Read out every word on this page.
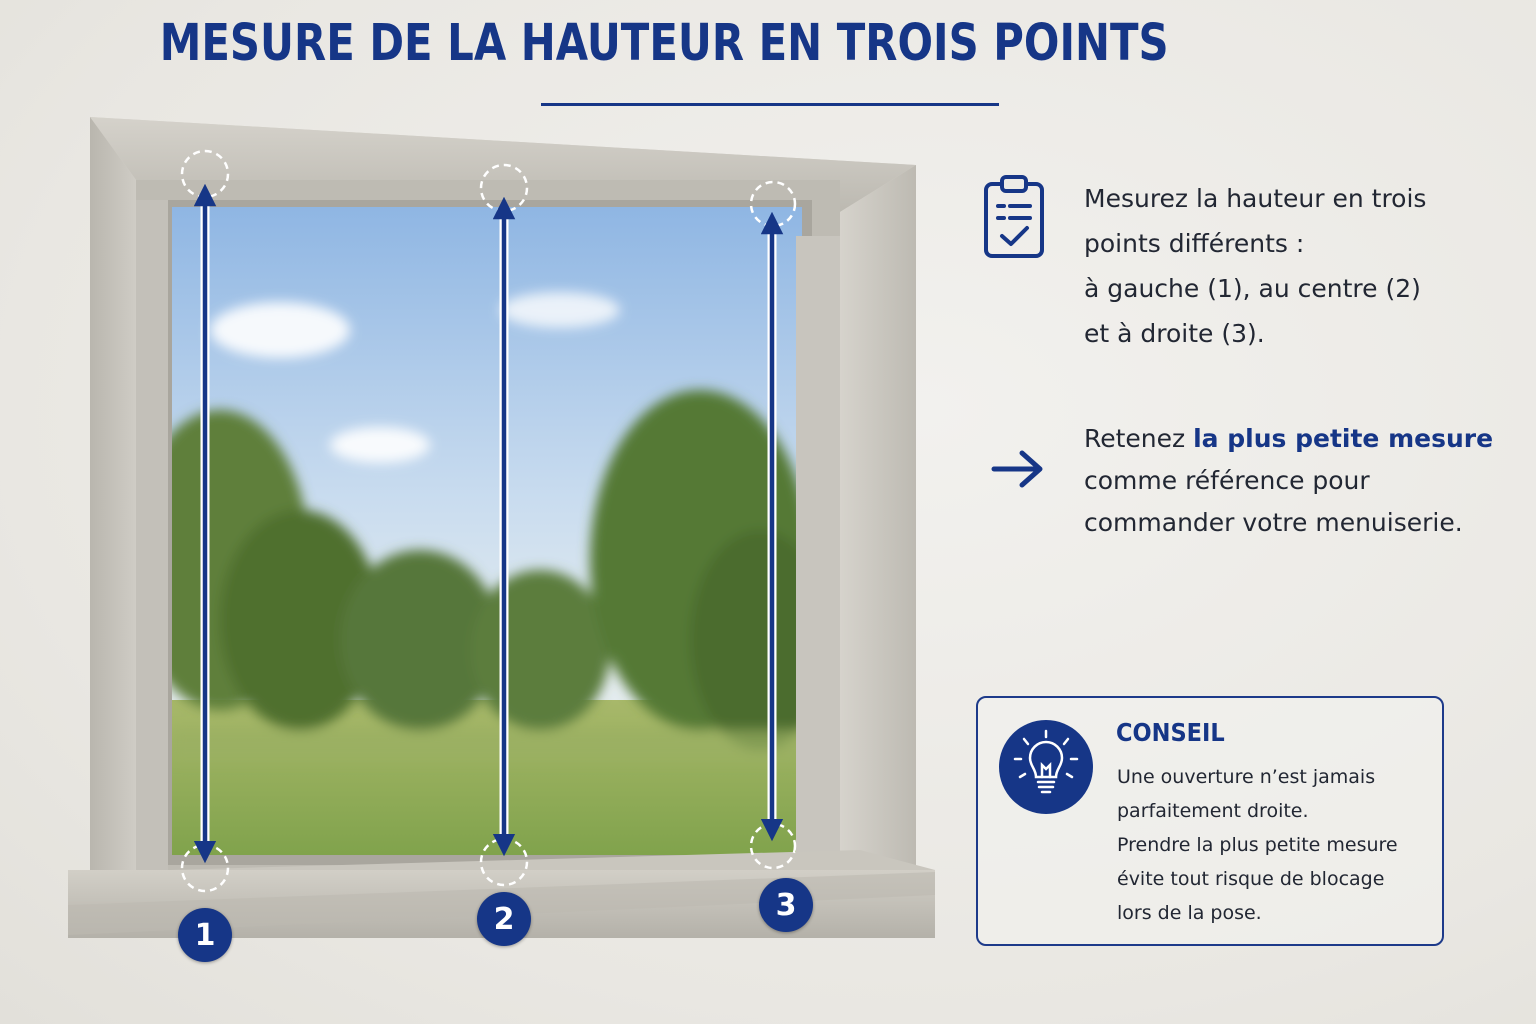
MESURE DE LA HAUTEUR EN TROIS POINTS
1	2	3

Mesurez la hauteur en trois
points différents :
à gauche (1), au centre (2)
et à droite (3).

Retenez la plus petite mesure comme référence pour commander votre menuiserie.

CONSEIL

Une ouverture n’est jamais
parfaitement droite.
Prendre la plus petite mesure
évite tout risque de blocage
lors de la pose.
